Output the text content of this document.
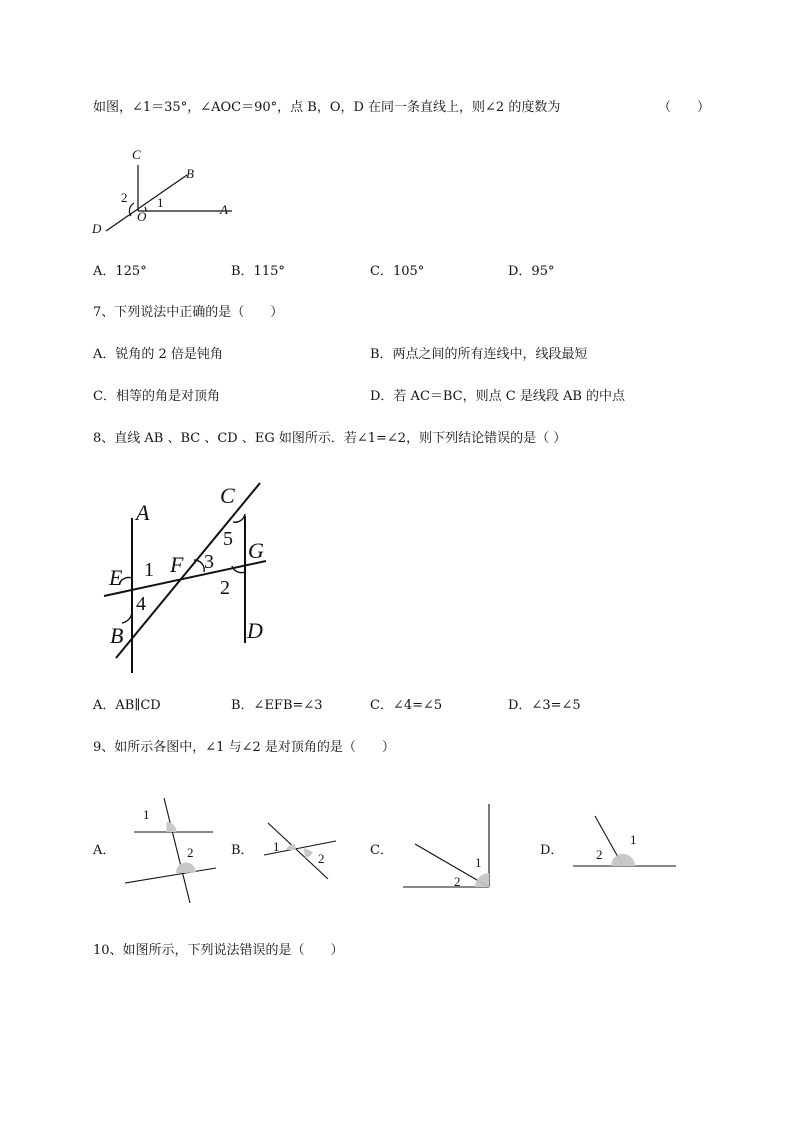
如图，∠1＝35°，∠AOC＝90°，点 B，O，D 在同一条直线上，则∠2 的度数为	（　　）
C
B
O	A
D
2 1
A．125°	B．115°	C．105°	D．95°
7、下列说法中正确的是（　　）
A．锐角的 2 倍是钝角	B．两点之间的所有连线中，线段最短
C．相等的角是对顶角	D．若 AC＝BC，则点 C 是线段 AB 的中点
8、直线 AB 、BC 、CD 、EG 如图所示．若∠1=∠2，则下列结论错误的是（ ）
A
C
G
E
F
B	D
1	3
5
4
2
A．AB∥CD	B．∠EFB=∠3	C．∠4=∠5	D．∠3=∠5
9、如所示各图中，∠1 与∠2 是对顶角的是（　　）
A．
1
2	B． 1
2
C．
1
2
D．
1
2
10、如图所示，下列说法错误的是（　　）
